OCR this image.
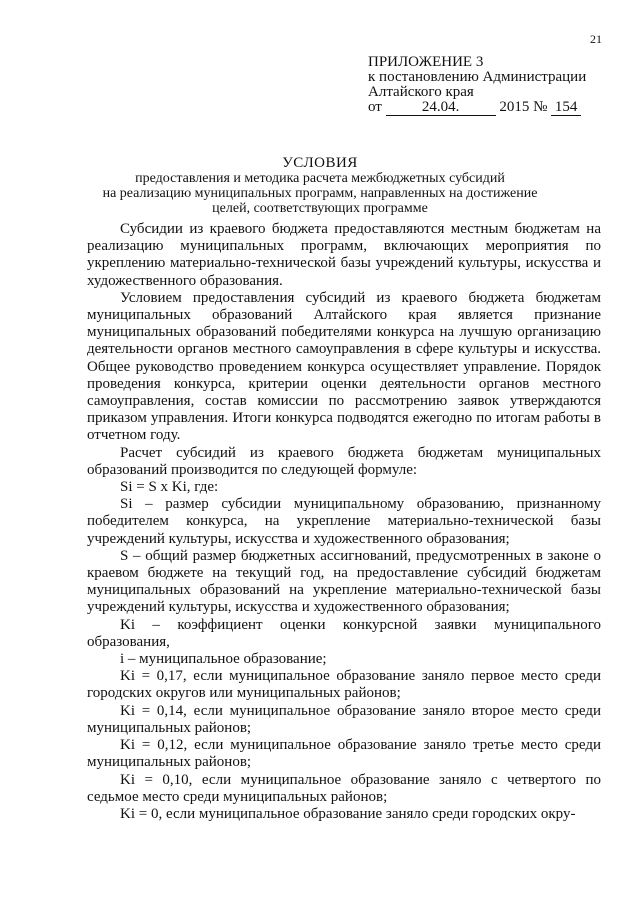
21
ПРИЛОЖЕНИЕ 3
к постановлению Администрации
Алтайского края
от	24.04.	2015 № 154
УСЛОВИЯ
предоставления и методика расчета межбюджетных субсидий
на реализацию муниципальных программ, направленных на достижение
целей, соответствующих программе

Субсидии из краевого бюджета предоставляются местным бюджетам на реализацию муниципальных программ, включающих мероприятия по укреплению материально-технической базы учреждений культуры, искусства и художественного образования.

Условием предоставления субсидий из краевого бюджета бюджетам муниципальных образований Алтайского края является признание муниципальных образований победителями конкурса на лучшую организацию деятельности органов местного самоуправления в сфере культуры и искусства. Общее руководство проведением конкурса осуществляет управление. Порядок проведения конкурса, критерии оценки деятельности органов местного самоуправления, состав комиссии по рассмотрению заявок утверждаются приказом управления. Итоги конкурса подводятся ежегодно по итогам работы в отчетном году.

Расчет субсидий из краевого бюджета бюджетам муниципальных образований производится по следующей формуле:

Si = S x Ki, где:

Si – размер субсидии муниципальному образованию, признанному победителем конкурса, на укрепление материально-технической базы учреждений культуры, искусства и художественного образования;

S – общий размер бюджетных ассигнований, предусмотренных в законе о краевом бюджете на текущий год, на предоставление субсидий бюджетам муниципальных образований на укрепление материально-технической базы учреждений культуры, искусства и художественного образования;

Ki – коэффициент оценки конкурсной заявки муниципального образования,

i – муниципальное образование;

Ki = 0,17, если муниципальное образование заняло первое место среди городских округов или муниципальных районов;

Ki = 0,14, если муниципальное образование заняло второе место среди муниципальных районов;

Ki = 0,12, если муниципальное образование заняло третье место среди муниципальных районов;

Ki = 0,10, если муниципальное образование заняло с четвертого по седьмое место среди муниципальных районов;

Ki = 0, если муниципальное образование заняло среди городских окру-
